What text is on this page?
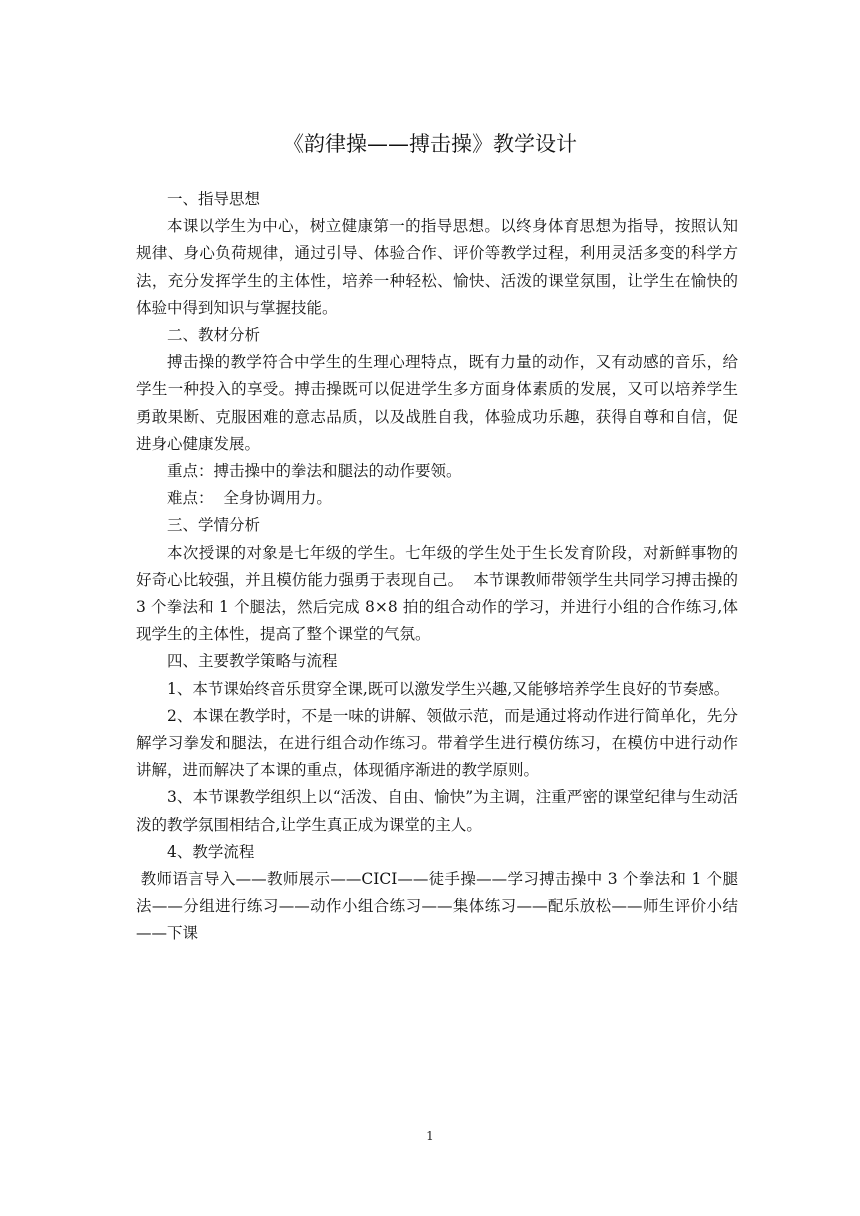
《韵律操——搏击操》教学设计

一、指导思想

本课以学生为中心，树立健康第一的指导思想。以终身体育思想为指导，按照认知规律、身心负荷规律，通过引导、体验合作、评价等教学过程，利用灵活多变的科学方法，充分发挥学生的主体性，培养一种轻松、愉快、活泼的课堂氛围，让学生在愉快的体验中得到知识与掌握技能。

二、教材分析

搏击操的教学符合中学生的生理心理特点，既有力量的动作，又有动感的音乐，给学生一种投入的享受。搏击操既可以促进学生多方面身体素质的发展，又可以培养学生勇敢果断、克服困难的意志品质，以及战胜自我，体验成功乐趣，获得自尊和自信，促进身心健康发展。

重点：搏击操中的拳法和腿法的动作要领。

难点：  全身协调用力。

三、学情分析

本次授课的对象是七年级的学生。七年级的学生处于生长发育阶段，对新鲜事物的好奇心比较强，并且模仿能力强勇于表现自己。  本节课教师带领学生共同学习搏击操的 3 个拳法和 1 个腿法，然后完成 8×8 拍的组合动作的学习，并进行小组的合作练习,体现学生的主体性，提高了整个课堂的气氛。

四、主要教学策略与流程

1、本节课始终音乐贯穿全课,既可以激发学生兴趣,又能够培养学生良好的节奏感。

2、本课在教学时，不是一味的讲解、领做示范，而是通过将动作进行简单化，先分解学习拳发和腿法，在进行组合动作练习。带着学生进行模仿练习，在模仿中进行动作讲解，进而解决了本课的重点，体现循序渐进的教学原则。

3、本节课教学组织上以“活泼、自由、愉快”为主调，注重严密的课堂纪律与生动活泼的教学氛围相结合,让学生真正成为课堂的主人。

4、教学流程

教师语言导入——教师展示——CICI——徒手操——学习搏击操中 3 个拳法和 1 个腿法——分组进行练习——动作小组合练习——集体练习——配乐放松——师生评价小结——下课

1
